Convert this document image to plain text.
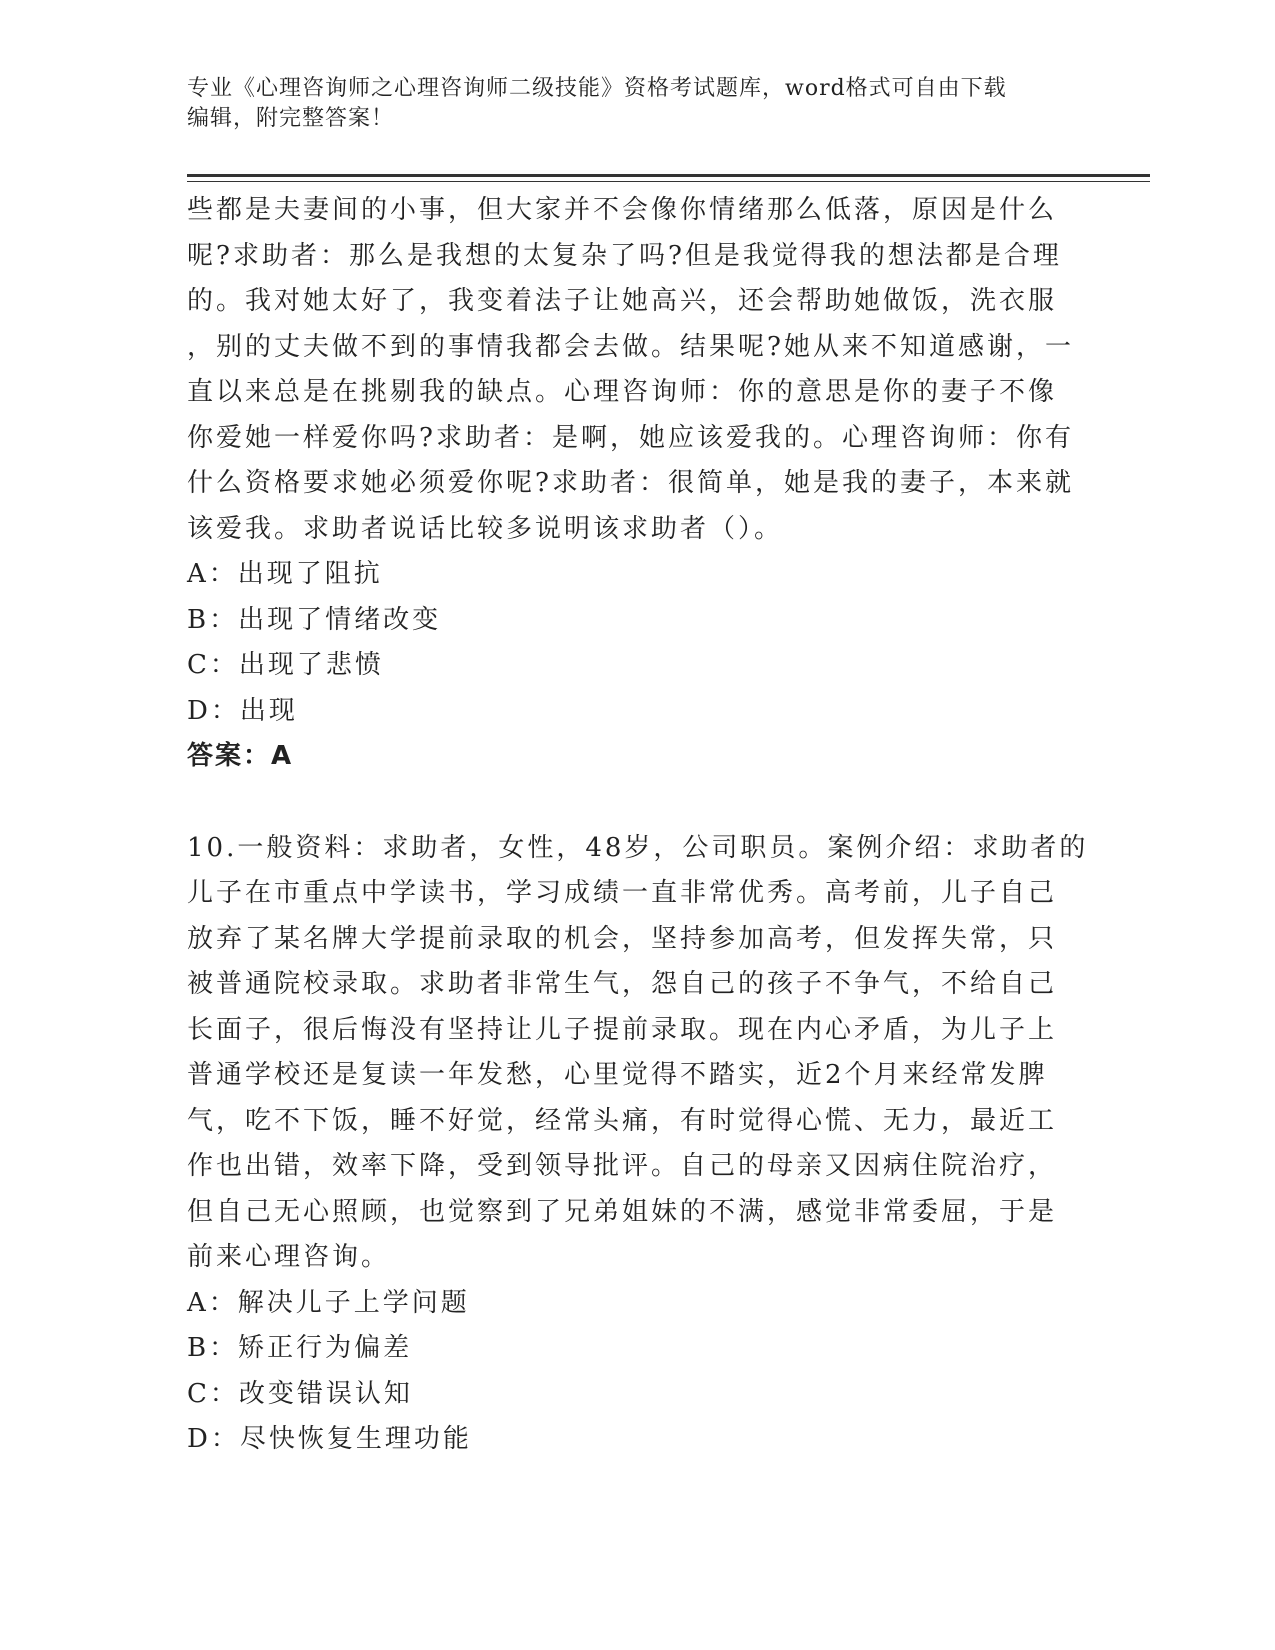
专业《心理咨询师之心理咨询师二级技能》资格考试题库，word格式可自由下载
编辑，附完整答案！
些都是夫妻间的小事，但大家并不会像你情绪那么低落，原因是什么
呢?求助者：那么是我想的太复杂了吗?但是我觉得我的想法都是合理
的。我对她太好了，我变着法子让她高兴，还会帮助她做饭，洗衣服
，别的丈夫做不到的事情我都会去做。结果呢?她从来不知道感谢，一
直以来总是在挑剔我的缺点。心理咨询师：你的意思是你的妻子不像
你爱她一样爱你吗?求助者：是啊，她应该爱我的。心理咨询师：你有
什么资格要求她必须爱你呢?求助者：很简单，她是我的妻子，本来就
该爱我。求助者说话比较多说明该求助者（）。
A：出现了阻抗
B：出现了情绪改变
C：出现了悲愤
D：出现
答案：A
10.一般资料：求助者，女性，48岁，公司职员。案例介绍：求助者的
儿子在市重点中学读书，学习成绩一直非常优秀。高考前，儿子自己
放弃了某名牌大学提前录取的机会，坚持参加高考，但发挥失常，只
被普通院校录取。求助者非常生气，怨自己的孩子不争气，不给自己
长面子，很后悔没有坚持让儿子提前录取。现在内心矛盾，为儿子上
普通学校还是复读一年发愁，心里觉得不踏实，近2个月来经常发脾
气，吃不下饭，睡不好觉，经常头痛，有时觉得心慌、无力，最近工
作也出错，效率下降，受到领导批评。自己的母亲又因病住院治疗，
但自己无心照顾，也觉察到了兄弟姐妹的不满，感觉非常委屈，于是
前来心理咨询。
A：解决儿子上学问题
B：矫正行为偏差
C：改变错误认知
D：尽快恢复生理功能
